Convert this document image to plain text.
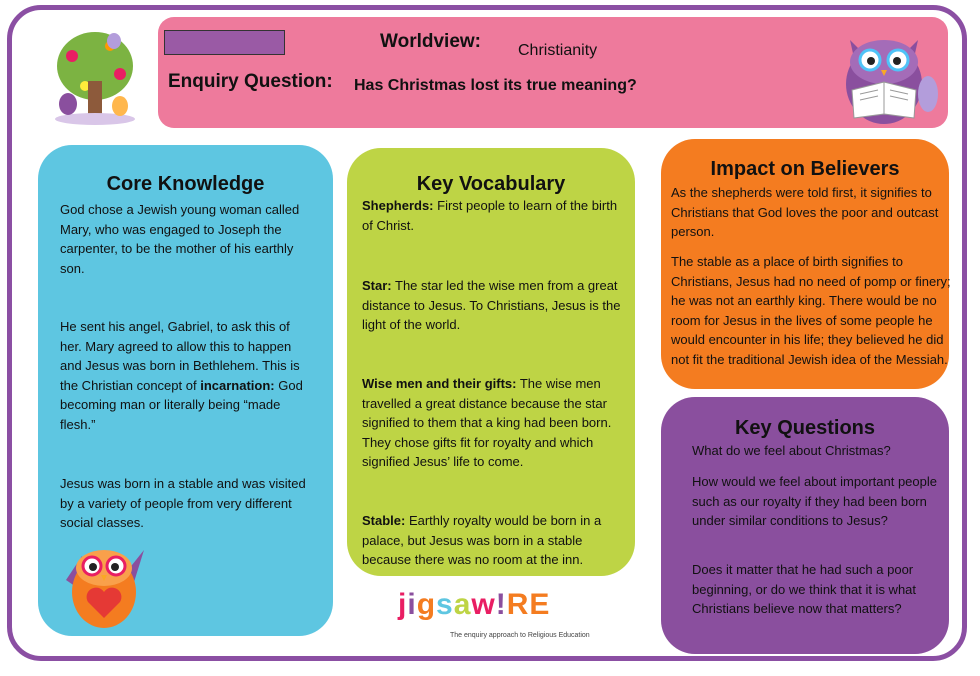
Worldview: Christianity
Enquiry Question: Has Christmas lost its true meaning?
Core Knowledge
God chose a Jewish young woman called Mary, who was engaged to Joseph the carpenter, to be the mother of his earthly son.
He sent his angel, Gabriel, to ask this of her. Mary agreed to allow this to happen and Jesus was born in Bethlehem. This is the Christian concept of incarnation: God becoming man or literally being “made flesh.”
Jesus was born in a stable and was visited by a variety of people from very different social classes.
Key Vocabulary
Shepherds: First people to learn of the birth of Christ.
Star: The star led the wise men from a great distance to Jesus. To Christians, Jesus is the light of the world.
Wise men and their gifts: The wise men travelled a great distance because the star signified to them that a king had been born. They chose gifts fit for royalty and which signified Jesus’ life to come.
Stable: Earthly royalty would be born in a palace, but Jesus was born in a stable because there was no room at the inn.
jigsaw!RE
The enquiry approach to Religious Education
Impact on Believers
As the shepherds were told first, it signifies to Christians that God loves the poor and outcast person.
The stable as a place of birth signifies to Christians, Jesus had no need of pomp or finery; he was not an earthly king. There would be no room for Jesus in the lives of some people he would encounter in his life; they believed he did not fit the traditional Jewish idea of the Messiah.
Key Questions
What do we feel about Christmas?
How would we feel about important people such as our royalty if they had been born under similar conditions to Jesus?
Does it matter that he had such a poor beginning, or do we think that it is what Christians believe now that matters?
